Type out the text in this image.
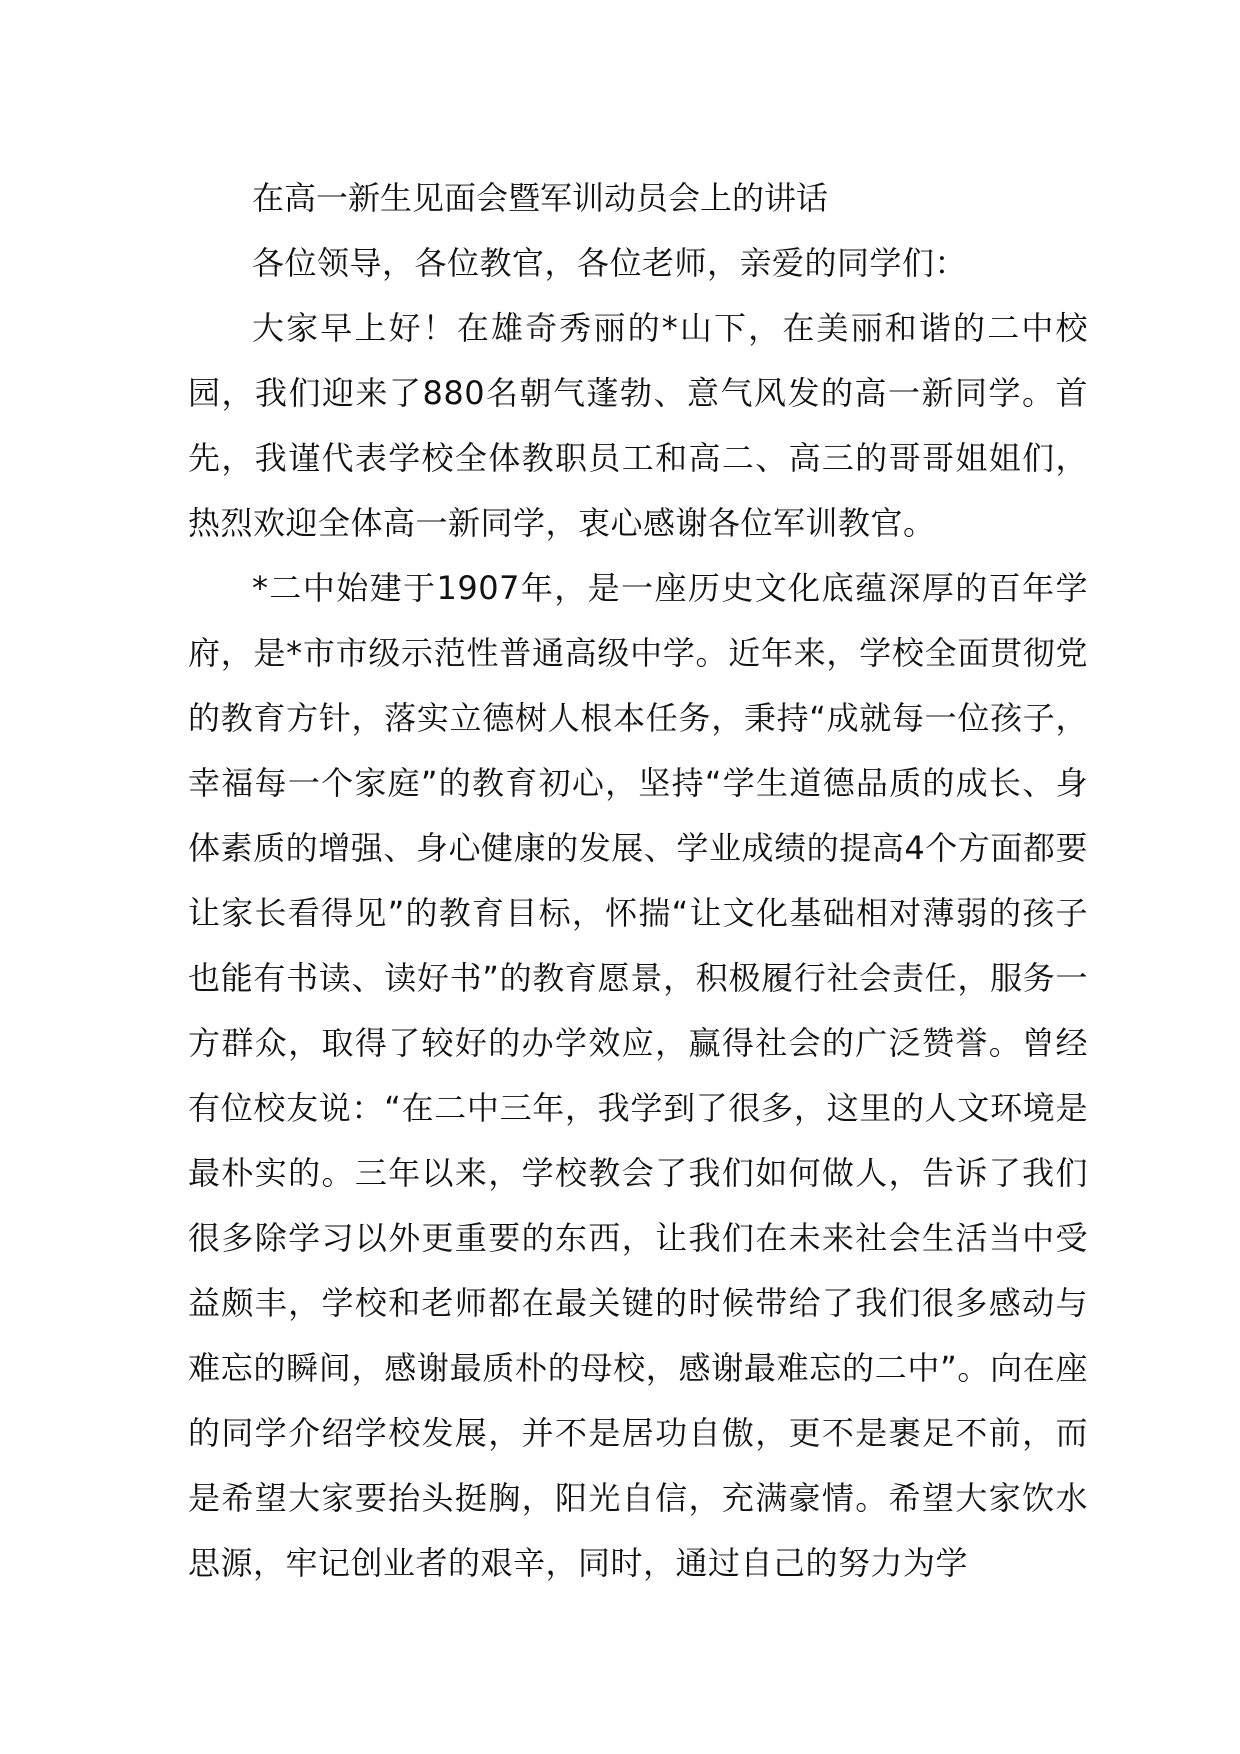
在高一新生见面会暨军训动员会上的讲话

各位领导，各位教官，各位老师，亲爱的同学们：

大家早上好！在雄奇秀丽的*山下，在美丽和谐的二中校园，我们迎来了880名朝气蓬勃、意气风发的高一新同学。首先，我谨代表学校全体教职员工和高二、高三的哥哥姐姐们，热烈欢迎全体高一新同学，衷心感谢各位军训教官。

*二中始建于1907年，是一座历史文化底蕴深厚的百年学府，是*市市级示范性普通高级中学。近年来，学校全面贯彻党的教育方针，落实立德树人根本任务，秉持“成就每一位孩子，幸福每一个家庭”的教育初心，坚持“学生道德品质的成长、身体素质的增强、身心健康的发展、学业成绩的提高4个方面都要让家长看得见”的教育目标，怀揣“让文化基础相对薄弱的孩子也能有书读、读好书”的教育愿景，积极履行社会责任，服务一方群众，取得了较好的办学效应，赢得社会的广泛赞誉。曾经有位校友说：“在二中三年，我学到了很多，这里的人文环境是最朴实的。三年以来，学校教会了我们如何做人，告诉了我们很多除学习以外更重要的东西，让我们在未来社会生活当中受益颇丰，学校和老师都在最关键的时候带给了我们很多感动与难忘的瞬间，感谢最质朴的母校，感谢最难忘的二中”。向在座的同学介绍学校发展，并不是居功自傲，更不是裹足不前，而是希望大家要抬头挺胸，阳光自信，充满豪情。希望大家饮水思源，牢记创业者的艰辛，同时，通过自己的努力为学
